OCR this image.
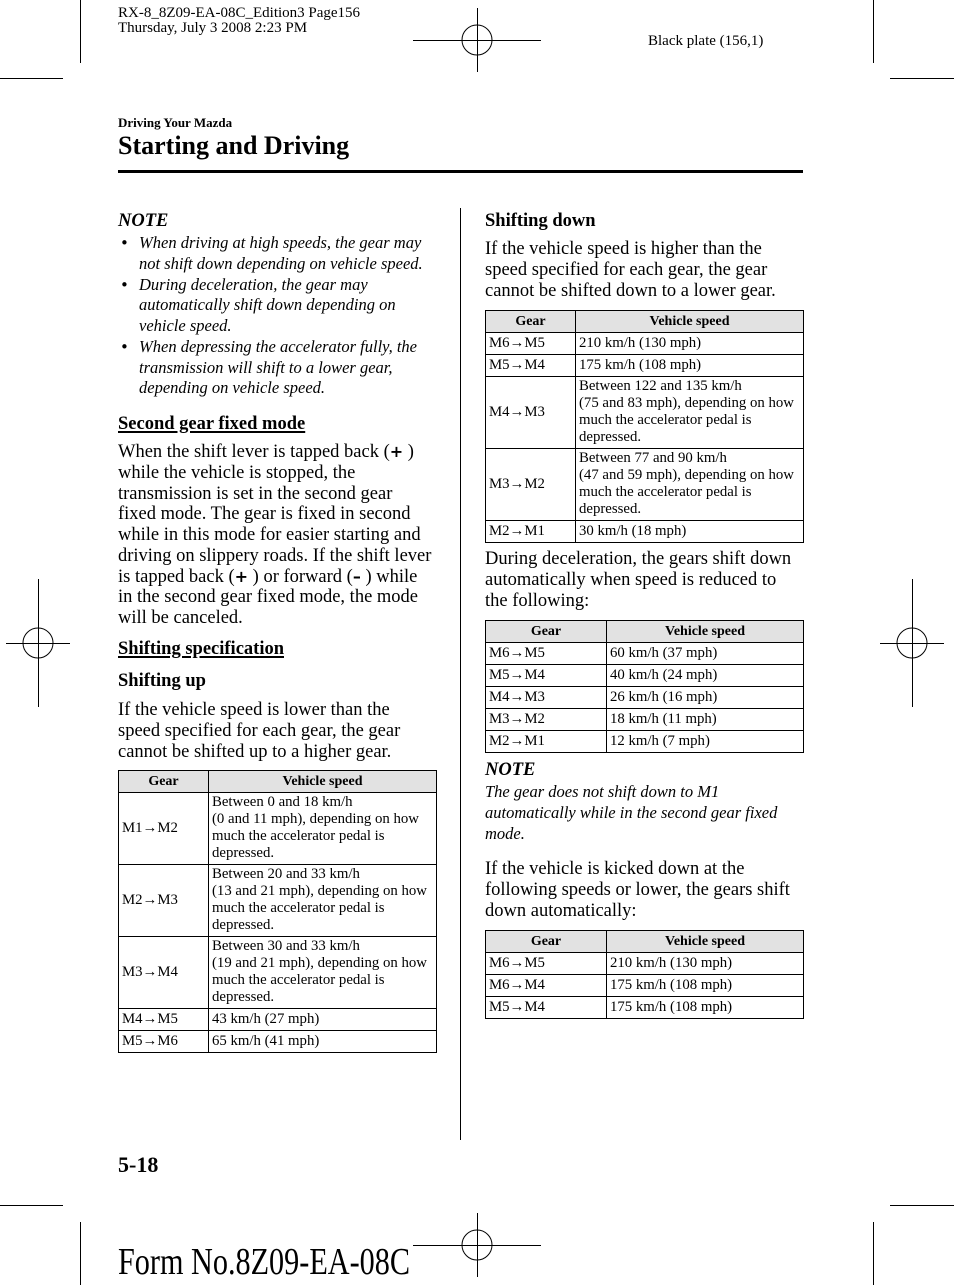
RX-8_8Z09-EA-08C_Edition3 Page156
Thursday, July 3 2008 2:23 PM
Black plate (156,1)
Driving Your Mazda
Starting and Driving
NOTE
• When driving at high speeds, the gear may
not shift down depending on vehicle speed.
• During deceleration, the gear may
automatically shift down depending on
vehicle speed.
• When depressing the accelerator fully, the
transmission will shift to a lower gear,
depending on vehicle speed.
Second gear fixed mode
When the shift lever is tapped back (+ )
while the vehicle is stopped, the
transmission is set in the second gear
fixed mode. The gear is fixed in second
while in this mode for easier starting and
driving on slippery roads. If the shift lever
is tapped back (+ ) or forward (– ) while
in the second gear fixed mode, the mode
will be canceled.
Shifting specification
Shifting up
If the vehicle speed is lower than the
speed specified for each gear, the gear
cannot be shifted up to a higher gear.
Gear	Vehicle speed
M1→M2	Between 0 and 18 km/h
(0 and 11 mph), depending on how
much the accelerator pedal is
depressed.

M2→M3	Between 20 and 33 km/h
(13 and 21 mph), depending on how
much the accelerator pedal is
depressed.

M3→M4	Between 30 and 33 km/h
(19 and 21 mph), depending on how
much the accelerator pedal is
depressed.

M4→M5	43 km/h (27 mph)

M5→M6	65 km/h (41 mph)
Shifting down
If the vehicle speed is higher than the
speed specified for each gear, the gear
cannot be shifted down to a lower gear.
Gear	Vehicle speed
M6→M5	210 km/h (130 mph)

M5→M4	175 km/h (108 mph)

M4→M3	Between 122 and 135 km/h
(75 and 83 mph), depending on how
much the accelerator pedal is
depressed.

M3→M2	Between 77 and 90 km/h
(47 and 59 mph), depending on how
much the accelerator pedal is
depressed.

M2→M1	30 km/h (18 mph)
During deceleration, the gears shift down
automatically when speed is reduced to
the following:
Gear	Vehicle speed
M6→M5	60 km/h (37 mph)

M5→M4	40 km/h (24 mph)

M4→M3	26 km/h (16 mph)

M3→M2	18 km/h (11 mph)

M2→M1	12 km/h (7 mph)
NOTE
The gear does not shift down to M1
automatically while in the second gear fixed
mode.
If the vehicle is kicked down at the
following speeds or lower, the gears shift
down automatically:
Gear	Vehicle speed
M6→M5	210 km/h (130 mph)

M6→M4	175 km/h (108 mph)

M5→M4	175 km/h (108 mph)
5-18
Form No.8Z09-EA-08C
